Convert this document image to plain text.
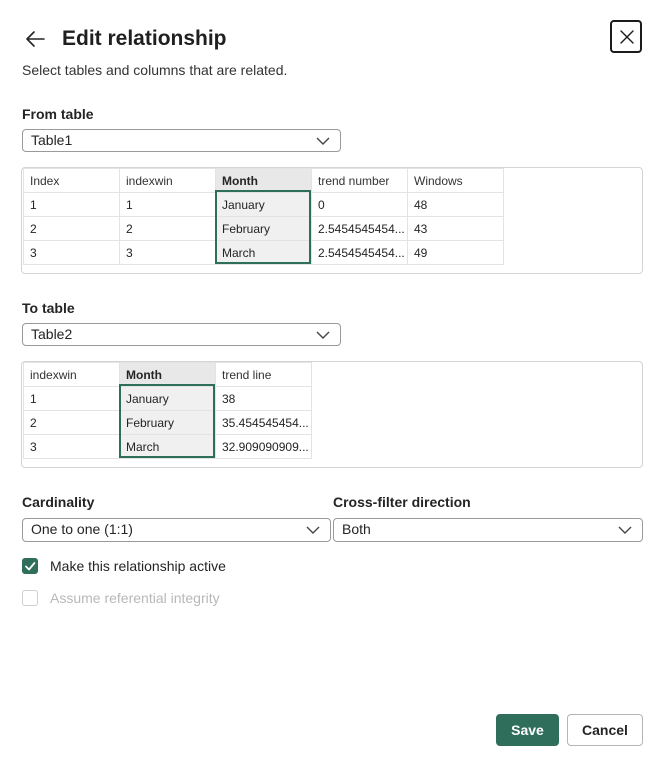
Edit relationship
Select tables and columns that are related.
From table
Table1
Index	indexwin	Month	trend number	Windows
1	1	January	0	48
2	2	February	2.5454545454...	43
3	3	March	2.5454545454...	49
To table
Table2
indexwin	Month	trend line
1	January	38
2	February	35.454545454...
3	March	32.909090909...
Cardinality
One to one (1:1)
Cross-filter direction
Both
Make this relationship active
Assume referential integrity
Save	Cancel
